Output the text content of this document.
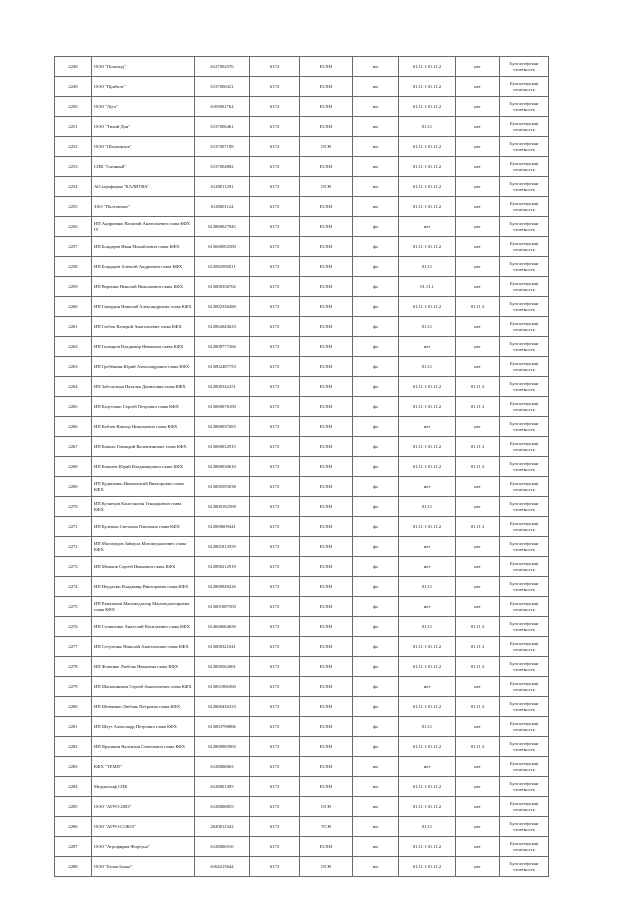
2248	ООО "Поповод"	6127002576	6174	ЕСХН	юл	01.11.1 01.11.2	нет	Бухгалтерская отчетность
2249	ООО "Прибалт"	6137006321	6174	ЕСХН	юл	01.11.1 01.11.2	нет	Бухгалтерская отчетность
2250	ООО "Луга"	6109001764	6174	ЕСХН	юл	01.11.1 01.11.2	нет	Бухгалтерская отчетность
2251	ООО "Тихий Дон"	6137006461	6174	ЕСХН	юл	01.11	нет	Бухгалтерская отчетность
2252	ООО "Шалоннтов"	6137007198	6174	ОСН	юл	01.11.1 01.11.2	нет	Бухгалтерская отчетность
2253	СПК "Ситяный"	6137004882	6174	ЕСХН	юл	01.11.1 01.11.2	нет	Бухгалтерская отчетность
2254	АО агрофирма "КАЛИТВА"	6128011291	6173	ОСН	юл	01.11.1 01.11.2	нет	Бухгалтерская отчетность
2255	ЗАО "Полтавское"	6128001124	6173	ЕСХН	юл	01.11.1 01.11.2	нет	Бухгалтерская отчетность
2256	ИП Андриенко Василий Анатольевич глава КФХ IV	613800027945	6173	ЕСХН	фл	нет	нет	Бухгалтерская отчетность
2257	ИП Бондарев Иван Михайлович глава КФХ	613600002500	6173	ЕСХН	фл	01.11.1 01.11.2	нет	Бухгалтерская отчетность
2258	ИП Бондарев Алексей Андреевич глава КФХ	613802992011	6173	ЕСХН	фл	01.11	нет	Бухгалтерская отчетность
2259	ИП Веренин Николай Николаевич глава КФХ	613800356702	6173	ЕСХН	фл	01.11.1	нет	Бухгалтерская отчетность
2260	ИП Гавердин Николай Александрович глава КФХ	613802356480	6173	ЕСХН	фл	01.11.1 01.11.2	01.11.3	Бухгалтерская отчетность
2261	ИП Глебов Валерий Анатольевич глава КФХ	612802643633	6173	ЕСХН	фл	01.11	нет	Бухгалтерская отчетность
2262	ИП Гончаров Владимир Иванович глава КФХ	612800777366	6173	ЕСХН	фл	нет	нет	Бухгалтерская отчетность
2263	ИП Гребёнкин Юрий Александрович глава КФХ	613802487753	6173	ЕСХН	фл	01.11	нет	Бухгалтерская отчетность
2264	ИП Заболотная Наталья Даниловна глава КФХ	612800342251	6173	ЕСХН	фл	01.11.1 01.11.2	01.11.3	Бухгалтерская отчетность
2265	ИП Казусенко Сергей Петрович глава КФХ	613800076100	6173	ЕСХН	фл	01.11.1 01.11.2	01.11.3	Бухгалтерская отчетность
2266	ИП Кобзев Виктор Николаевич глава КФХ	613800037683	6173	ЕСХН	фл	нет	нет	Бухгалтерская отчетность
2267	ИП Коваль Геннадий Валентинович глава КФХ	613800032915	6173	ЕСХН	фл	01.11.1 01.11.2	01.11.3	Бухгалтерская отчетность
2268	ИП Ковалев Юрий Владимирович глава КФХ	613800030610	6173	ЕСХН	фл	01.11.1 01.11.2	01.11.3	Бухгалтерская отчетность
2269	ИП Кудиненко Иннокентий Викторович глава КФХ	613800595038	6173	ЕСХН	фл	нет	нет	Бухгалтерская отчетность
2270	ИП Кузнецов Константин Геннадьевич глава КФХ	613800182508	6173	ЕСХН	фл	01.11	нет	Бухгалтерская отчетность
2271	ИП Кулешко Светлана Павловна глава КФХ	612800609441	6173	ЕСХН	фл	01.11.1 01.11.2	01.11.3	Бухгалтерская отчетность
2272	ИП Магомедов Зайнула Магомедалиевич глава КФХ	612801813559	6173	ЕСХН	фл	нет	нет	Бухгалтерская отчетность
2273	ИП Мешков Сергей Иванович глава КФХ	612800212919	6173	ЕСХН	фл	нет	нет	Бухгалтерская отчетность
2274	ИП Неудахин Владимир Викторович глава КФХ	612800949226	6173	ЕСХН	фл	01.11	нет	Бухгалтерская отчетность
2275	ИП Рамазанов Магомедзагир Магомедзагирович глава КФХ	613801087503	6173	ЕСХН	фл	нет	нет	Бухгалтерская отчетность
2276	ИП Сетяшенко Анатолий Васильевич глава КФХ	614600064650	6173	ЕСХН	фл	01.11	01.11.3	Бухгалтерская отчетность
2277	ИП Сетуленко Николай Анатольевич глава КФХ	613800321041	6173	ЕСХН	фл	01.11.1 01.11.2	01.11.3	Бухгалтерская отчетность
2278	ИП Фоменко Любовь Ивановна глава КФХ	613800562061	6173	ЕСХН	фл	01.11.1 01.11.2	01.11.3	Бухгалтерская отчетность
2279	ИП Шапошников Сергей Анатольевич глава КФХ	613801986360	6173	ЕСХН	фл	нет	нет	Бухгалтерская отчетность
2280	ИП Шевченко Любовь Петровна глава КФХ	612800436333	6173	ЕСХН	фл	01.11.1 01.11.2	01.11.3	Бухгалтерская отчетность
2281	ИП Шеуз Александр Петрович глава КФХ	613803790806	6173	ЕСХН	фл	01.11	нет	Бухгалтерская отчетность
2282	ИП Ярушкин Валентин Семенович глава КФХ	612800985903	6173	ЕСХН	фл	01.11.1 01.11.2	01.11.3	Бухгалтерская отчетность
2283	КФХ "ТЕМП"	6128006063	6173	ЕСХН	юл	нет	нет	Бухгалтерская отчетность
2284	Медиахлиф СПК	6128001495	6173	ЕСХН	юл	01.11.1 01.11.2	нет	Бухгалтерская отчетность
2285	ООО "АГРО-2003"	6128006855	6173	ОСН	юл	01.11.1 01.11.2	нет	Бухгалтерская отчетность
2286	ООО "АГРО-СОЮЗ"	2620012342	6173	УСН	юл	01.11	нет	Бухгалтерская отчетность
2287	ООО "Агрофирма-Фортуна"	6128006510	6173	ЕСХН	юл	01.11.1 01.11.2	нет	Бухгалтерская отчетность
2288	ООО "Белая Балка"	6164215644	6173	ОСН	юл	01.11.1 01.11.2	нет	Бухгалтерская отчетность
